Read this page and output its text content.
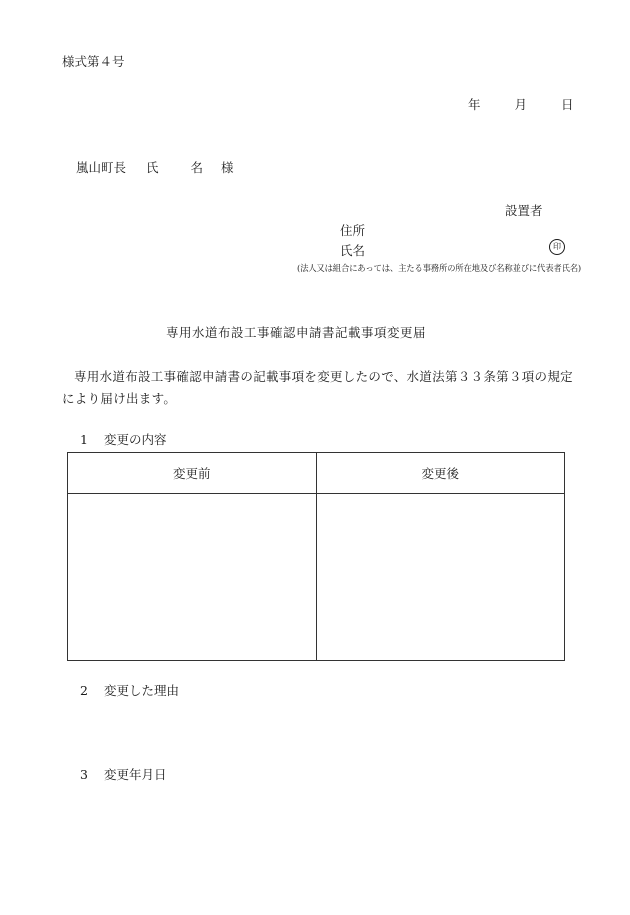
様式第４号
年	月	日
嵐山町長 氏	名 様
設置者
住所
氏名	印
(法人又は組合にあっては、主たる事務所の所在地及び名称並びに代表者氏名)
専用水道布設工事確認申請書記載事項変更届
専用水道布設工事確認申請書の記載事項を変更したので、水道法第３３条第３項の規定により届け出ます。
1 変更の内容
変更前	変更後

2 変更した理由
3 変更年月日
